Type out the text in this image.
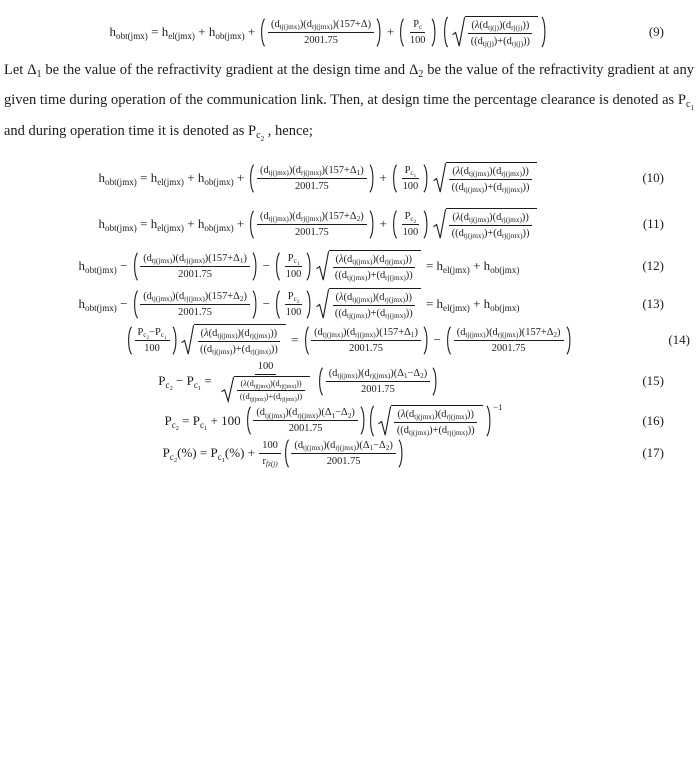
h obt(jmx) = h el(jmx) + h ob(jmx) + ( d tj(jmx) )( d rj(jmx) )(157+Δ)
2001.75
+ $\frac{\text{P c}}{100}$
	( λ ( d tj(j) )( d rj(j) ))
(( d tj(j) )+( d rj(j) ))
(9)

Let Δ 1 be the value of the refractivity gradient at the design time and Δ 2 be the value of the refractivity gradient at any given time during operation of the communication link. Then, at design time the percentage clearance is denoted as P c 1
and during operation time it is denoted as P c 2 , hence;

h obt(jmx) = h el(jmx) + h ob(jmx) + ( d tj(jmx) )( d rj(jmx) )(157+ Δ 1 )
2001.75
+ $\frac{\text{P c 1}}{100}$	( λ ( d tj(jmx) )( d rj(jmx) ))
(( d tj(jmx) )+( d rj(jmx) ))
(10)
h obt(jmx) = h el(jmx) + h ob(jmx) + ( d tj(jmx) )( d rj(jmx) )(157+ Δ 2 )
2001.75
+ $\frac{\text{P c 2}}{100}$	( λ ( d tj(jmx) )( d rj(jmx) ))
(( d tj(jmx) )+( d rj(jmx) ))
(11)
h obt(jmx) − ( d tj(jmx) )( d rj(jmx) )(157+ Δ 1 )
2001.75
− $\frac{\text{P c 1}}{100}$	( λ ( d tj(jmx) )( d rj(jmx) ))
(( d tj(jmx) )+( d rj(jmx) ))
= h el(jmx) + h ob(jmx)	(12)
h obt(jmx) − ( d tj(jmx) )( d rj(jmx) )(157+ Δ 2 )
2001.75
− $\frac{\text{P c 2}}{100}$	( λ ( d tj(jmx) )( d rj(jmx) ))
(( d tj(jmx) )+( d rj(jmx) ))
= h el(jmx) + h ob(jmx)	(13)
P c 2
− P c 1
100	( λ ( d tj(jmx) )( d rj(jmx) ))
(( d tj(jmx) )+( d rj(jmx) ))
= ( d tj(jmx) )( d rj(jmx) )(157+ Δ 1 )
2001.75
− ( d tj(jmx) )( d rj(jmx) )(157+ Δ 2 )
2001.75
(14)
P c 2
− P c 1
=
100
( λ ( d tj(jmx) )( d rj(jmx) ))
(( d tj(jmx) )+( d rj(jmx) ))
( d tj(jmx) )( d rj(jmx) )( Δ 1 − Δ 2 )
2001.75
(15)
P c 2
= P c 1
+ 100 ( d tj(jmx) )( d rj(jmx) )( Δ 1 − Δ 2 )
2001.75
( λ ( d tj(jmx) )( d rj(jmx) ))
(( d tj(jmx) )+( d rj(jmx) ))
−1
(16)
P c 2
(%) = P c 1
(%) + 100
r fz(j)
( d tj(jmx) )( d rj(jmx) )( Δ 1 − Δ 2 )
2001.75
(17)
